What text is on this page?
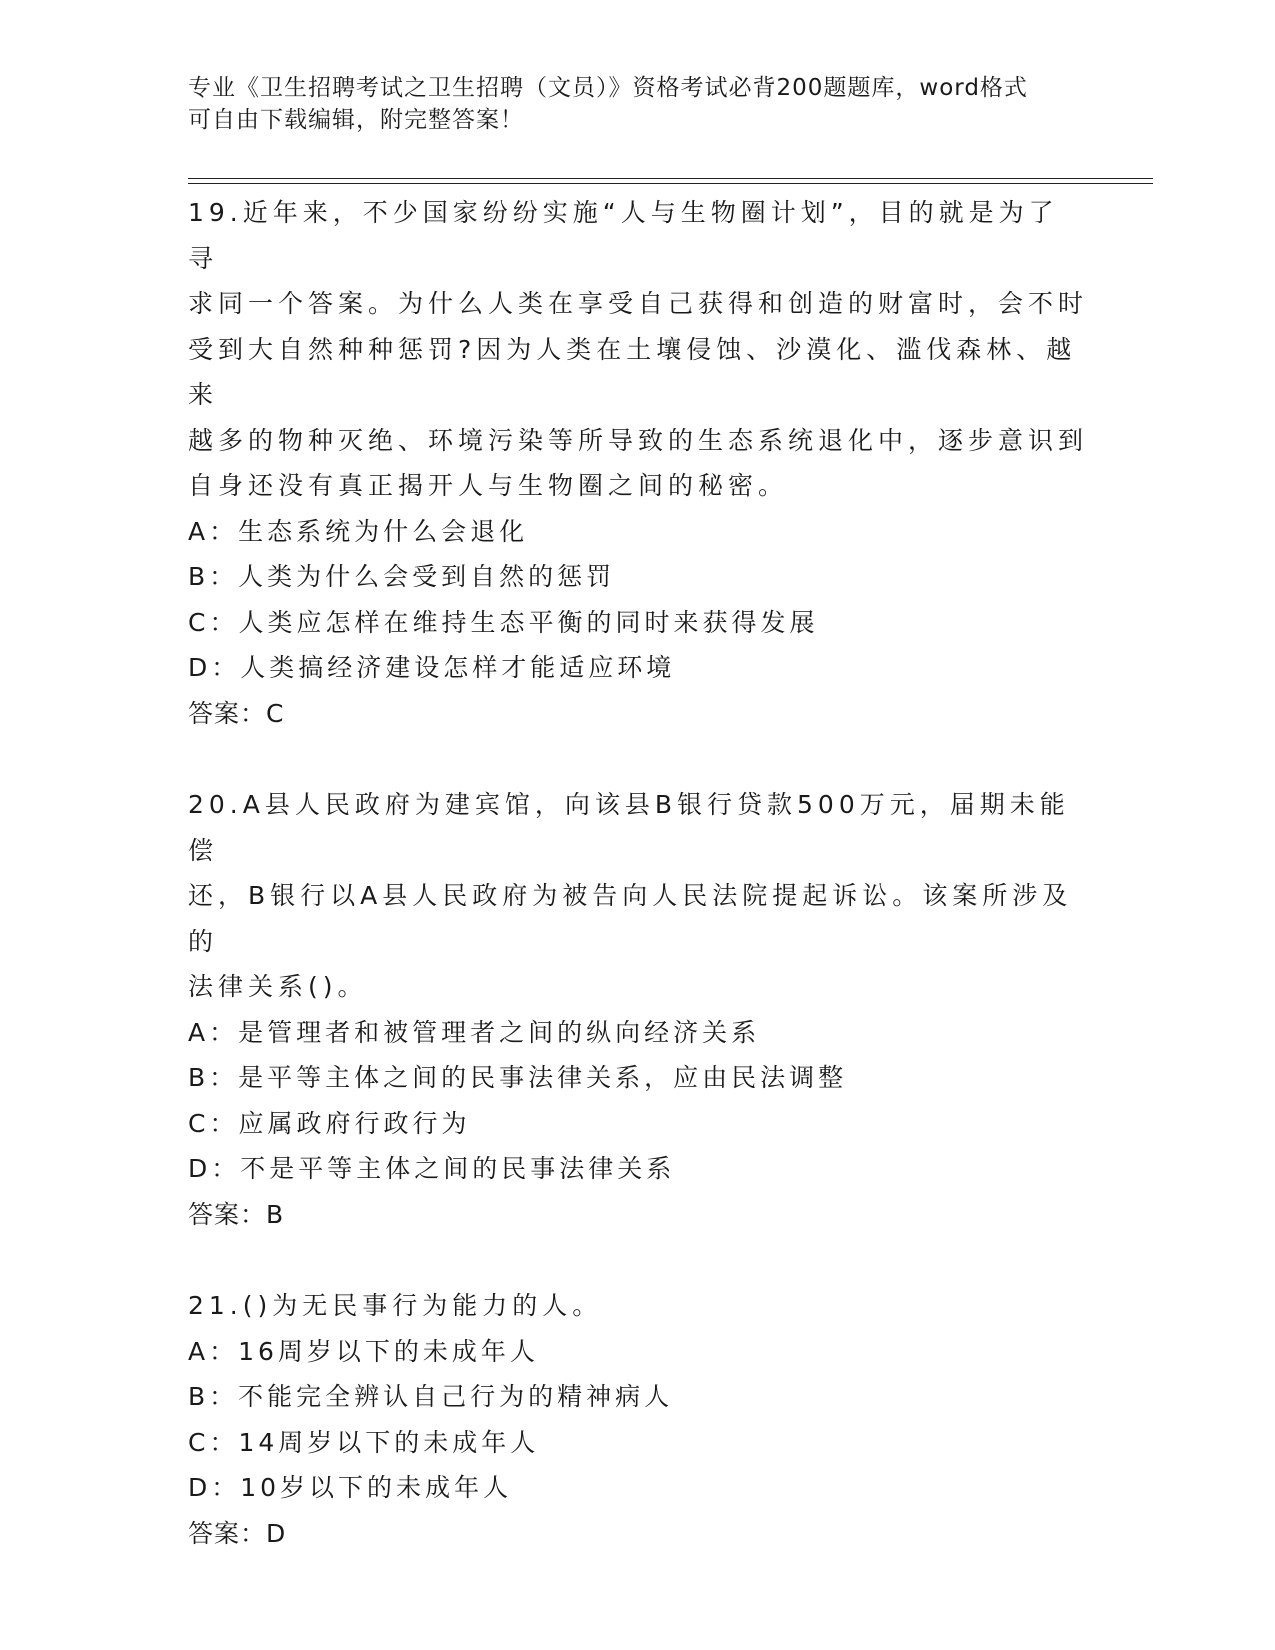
专业《卫生招聘考试之卫生招聘（文员）》资格考试必背200题题库，word格式
可自由下载编辑，附完整答案！

19.近年来，不少国家纷纷实施“人与生物圈计划”，目的就是为了寻

求同一个答案。为什么人类在享受自己获得和创造的财富时，会不时

受到大自然种种惩罚?因为人类在土壤侵蚀、沙漠化、滥伐森林、越来

越多的物种灭绝、环境污染等所导致的生态系统退化中，逐步意识到

自身还没有真正揭开人与生物圈之间的秘密。

A：生态系统为什么会退化

B：人类为什么会受到自然的惩罚

C：人类应怎样在维持生态平衡的同时来获得发展

D：人类搞经济建设怎样才能适应环境

答案：C

20.A县人民政府为建宾馆，向该县B银行贷款500万元，届期未能偿

还，B银行以A县人民政府为被告向人民法院提起诉讼。该案所涉及的

法律关系()。

A：是管理者和被管理者之间的纵向经济关系

B：是平等主体之间的民事法律关系，应由民法调整

C：应属政府行政行为

D：不是平等主体之间的民事法律关系

答案：B

21.()为无民事行为能力的人。

A：16周岁以下的未成年人

B：不能完全辨认自己行为的精神病人

C：14周岁以下的未成年人

D：10岁以下的未成年人

答案：D
